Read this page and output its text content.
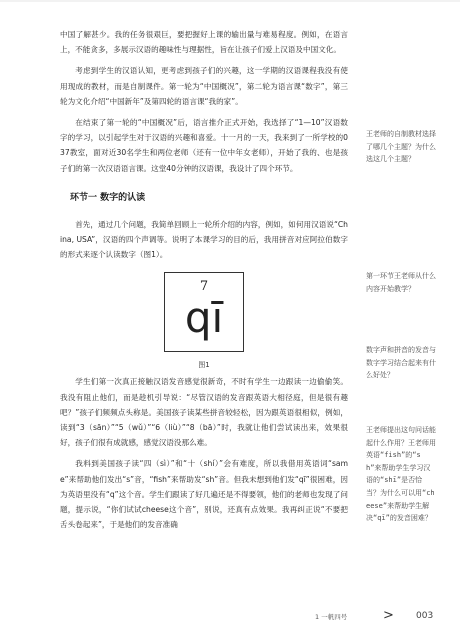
中国了解甚少。我的任务很艰巨，要把握好上课的输出量与难易程度。例如，在语言上，不能贪多，多展示汉语的趣味性与理据性，旨在让孩子们爱上汉语及中国文化。

考虑到学生的汉语认知，更考虑到孩子们的兴趣，这一学期的汉语课程我没有使用现成的教材，而是自制课件。第一轮为“中国概况”，第二轮为语言课“数字”，第三轮为文化介绍“中国新年”及第四轮的语言课“我的家”。

在结束了第一轮的“中国概况”后，语言推介正式开始，我选择了“1—10”汉语数字的学习，以引起学生对于汉语的兴趣和喜爱。十一月的一天，我来到了一所学校的037教室，面对近30名学生和两位老师（还有一位中年女老师），开始了我的、也是孩子们的第一次汉语语言课。这堂40分钟的汉语课，我设计了四个环节。

环节一 数字的认读

首先，通过几个问题，我简单回顾上一轮所介绍的内容，例如，如何用汉语说“China, USA”，汉语的四个声调等。说明了本课学习的目的后，我用拼音对应阿拉伯数字的形式来逐个认读数字（图1）。

7
qī
图1

学生们第一次真正接触汉语发音感觉很新奇，不时有学生一边跟读一边偷偷笑。我没有阻止他们，而是趁机引导说：“尽管汉语的发音跟英语大相径庭，但是很有趣吧？”孩子们频频点头称是。美国孩子读某些拼音较轻松，因为跟英语很相似，例如，读到“3（sān）”“5（wǔ）”“6（liù）”“8（bā）”时，我就让他们尝试读出来，效果很好，孩子们很有成就感，感觉汉语没那么难。

我料到美国孩子读“四（sì）”和“十（shí）”会有难度，所以我借用英语词“same”来帮助他们发出“s”音，“fish”来帮助发“sh”音。但我未想到他们发“qī”很困难，因为英语里没有“q”这个音。学生们跟读了好几遍还是不得要领，他们的老师也发现了问题，提示说，“你们试试cheese这个音”，别说，还真有点效果。我再纠正说“不要把舌头卷起来”，于是他们的发音准确

王老师的自制教材选择了哪几个主题？为什么选这几个主题？
第一环节王老师从什么内容开始教学？
数字声和拼音的发音与数字学习结合起来有什么好处？
王老师提出这句问话能起什么作用？王老师用英语“fish”的“sh”来帮助学生学习汉语的“shī”是否恰当？为什么可以用“cheese”来帮助学生解决“qī”的发音困难？
1 一帆四号	> 003
